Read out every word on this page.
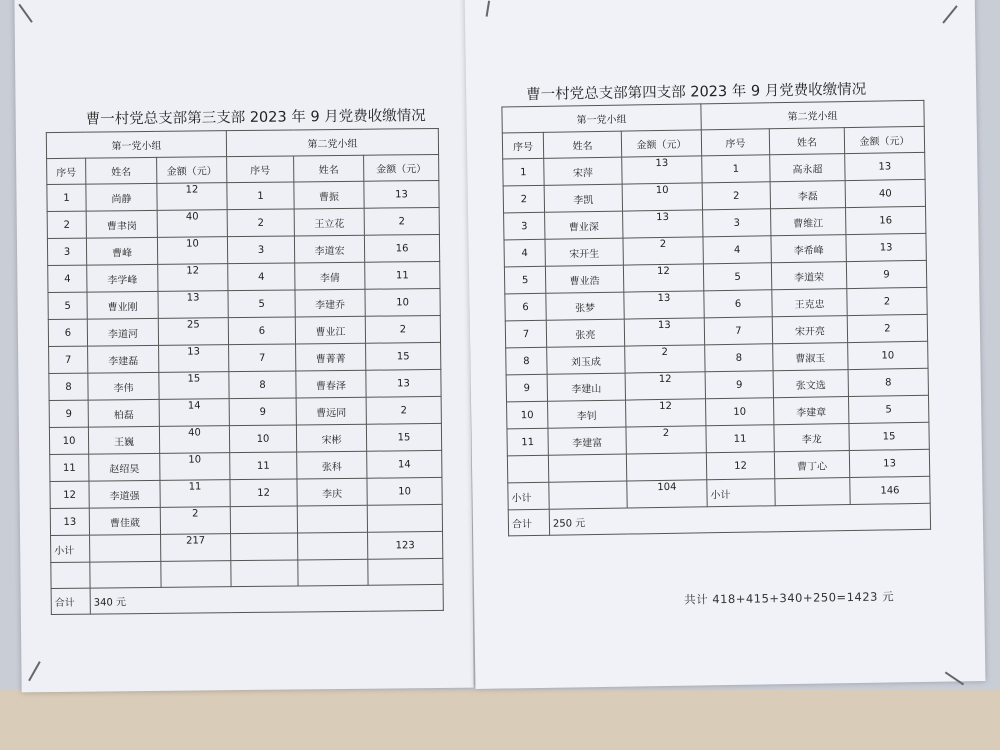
曹一村党总支部第三支部 2023 年 9 月党费收缴情况
第一党小组			第二党小组		
序号	姓名	金额（元）	序号	姓名	金额（元）
1	尚静	12	1	曹振	13
2	曹聿岗	40	2	王立花	2
3	曹峰	10	3	李道宏	16
4	李学峰	12	4	李倩	11
5	曹业刚	13	5	李建乔	10
6	李道河	25	6	曹业江	2
7	李建磊	13	7	曹菁菁	15
8	李伟	15	8	曹春泽	13
9	柏磊	14	9	曹远同	2
10	王巍	40	10	宋彬	15
11	赵绍昊	10	11	张科	14
12	李道强	11	12	李庆	10
13	曹佳葳	2			
小计		217			123

合计	340 元				
曹一村党总支部第四支部 2023 年 9 月党费收缴情况
第一党小组			第二党小组		
序号	姓名	金额（元）	序号	姓名	金额（元）
1	宋萍	13	1	高永超	13
2	李凯	10	2	李磊	40
3	曹业深	13	3	曹维江	16
4	宋开生	2	4	李希峰	13
5	曹业浩	12	5	李道荣	9
6	张梦	13	6	王克忠	2
7	张亮	13	7	宋开亮	2
8	刘玉成	2	8	曹淑玉	10
9	李建山	12	9	张文选	8
10	李钊	12	10	李建章	5
11	李建富	2	11	李龙	15
			12	曹丁心	13
小计		104	小计		146
合计	250 元				
共计 418+415+340+250=1423 元
